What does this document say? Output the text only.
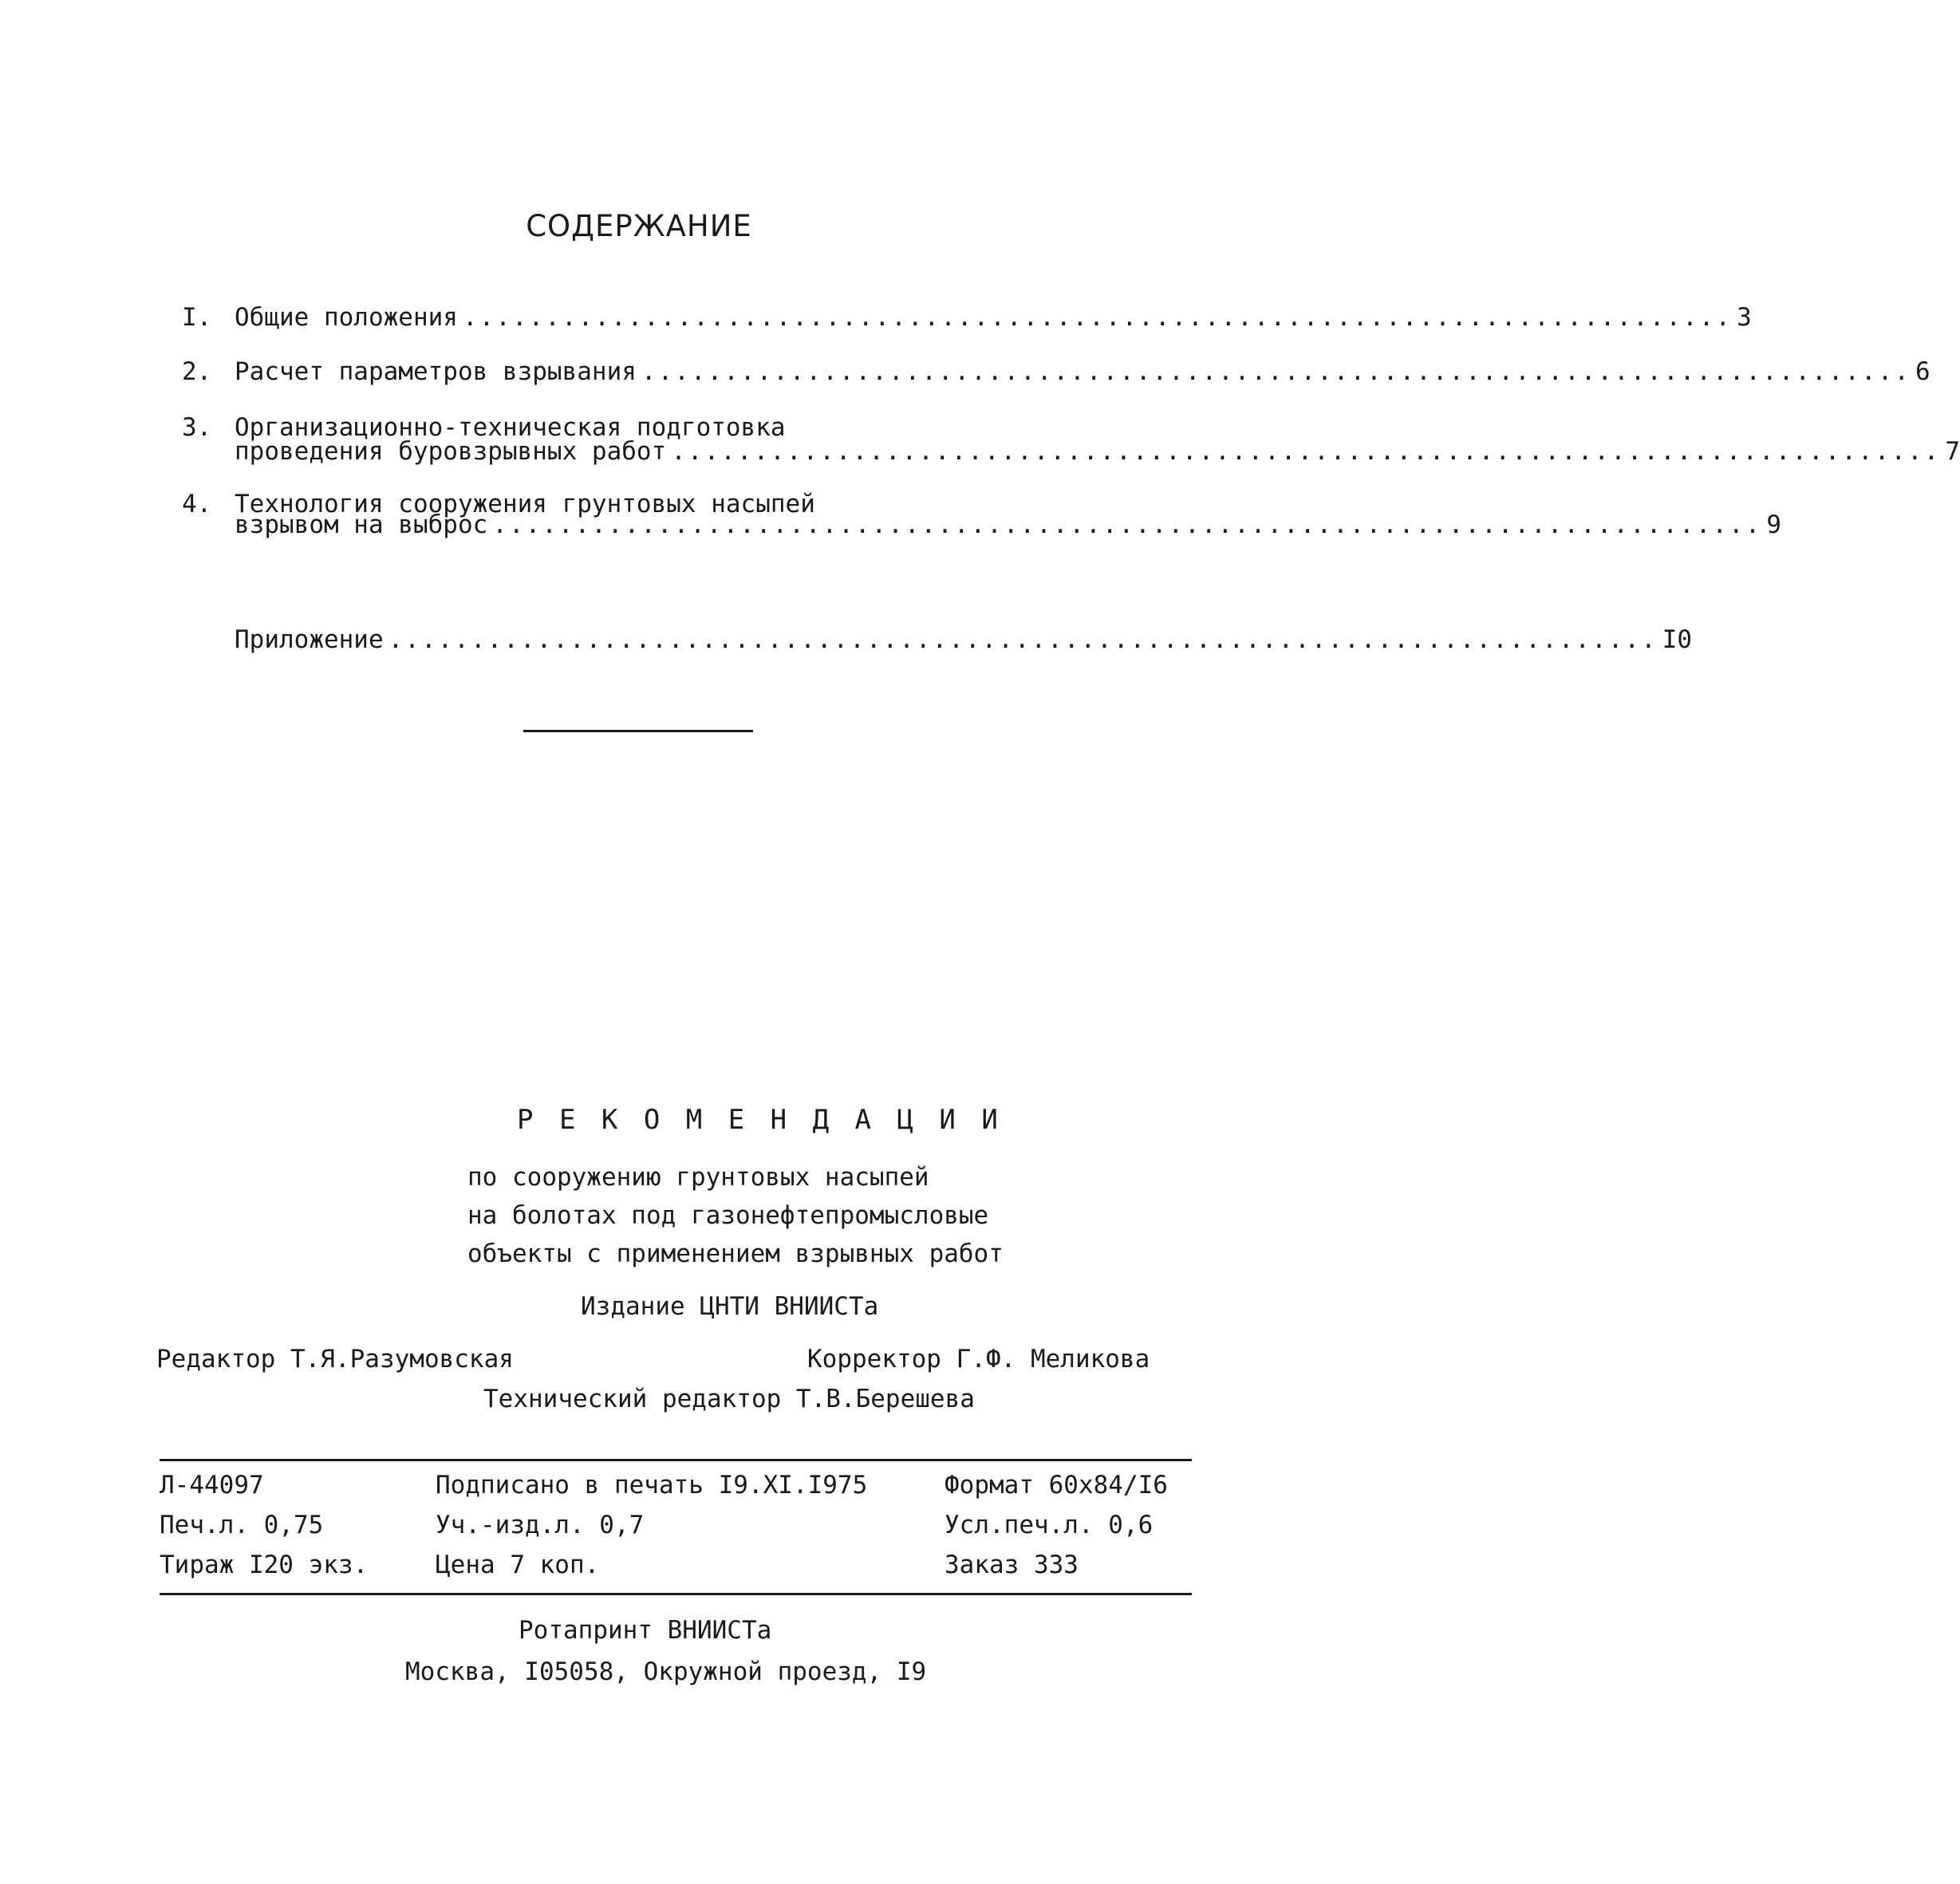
СОДЕРЖАНИЕ
I. Общие положения ............................................................................. 3
2. Расчет параметров взрывания ............................................................................. 6
3. Организационно-техническая подготовка
проведения буровзрывных работ ............................................................................. 7
4. Технология сооружения грунтовых насыпей
взрывом на выброс ............................................................................. 9
Приложение ............................................................................. I0
Р Е К О М Е Н Д А Ц И И
по сооружению грунтовых насыпей
на болотах под газонефтепромысловые
объекты с применением взрывных работ
Издание ЦНТИ ВНИИСТа
Редактор Т.Я.Разумовская	Корректор Г.Ф. Меликова
Технический редактор Т.В.Берешева
Л-44097	Подписано в печать I9.XI.I975	Формат 60х84/I6
Печ.л. 0,75	Уч.-изд.л. 0,7	Усл.печ.л. 0,6
Тираж I20 экз.	Цена 7 коп.	Заказ 333
Ротапринт ВНИИСТа
Москва, I05058, Окружной проезд, I9
